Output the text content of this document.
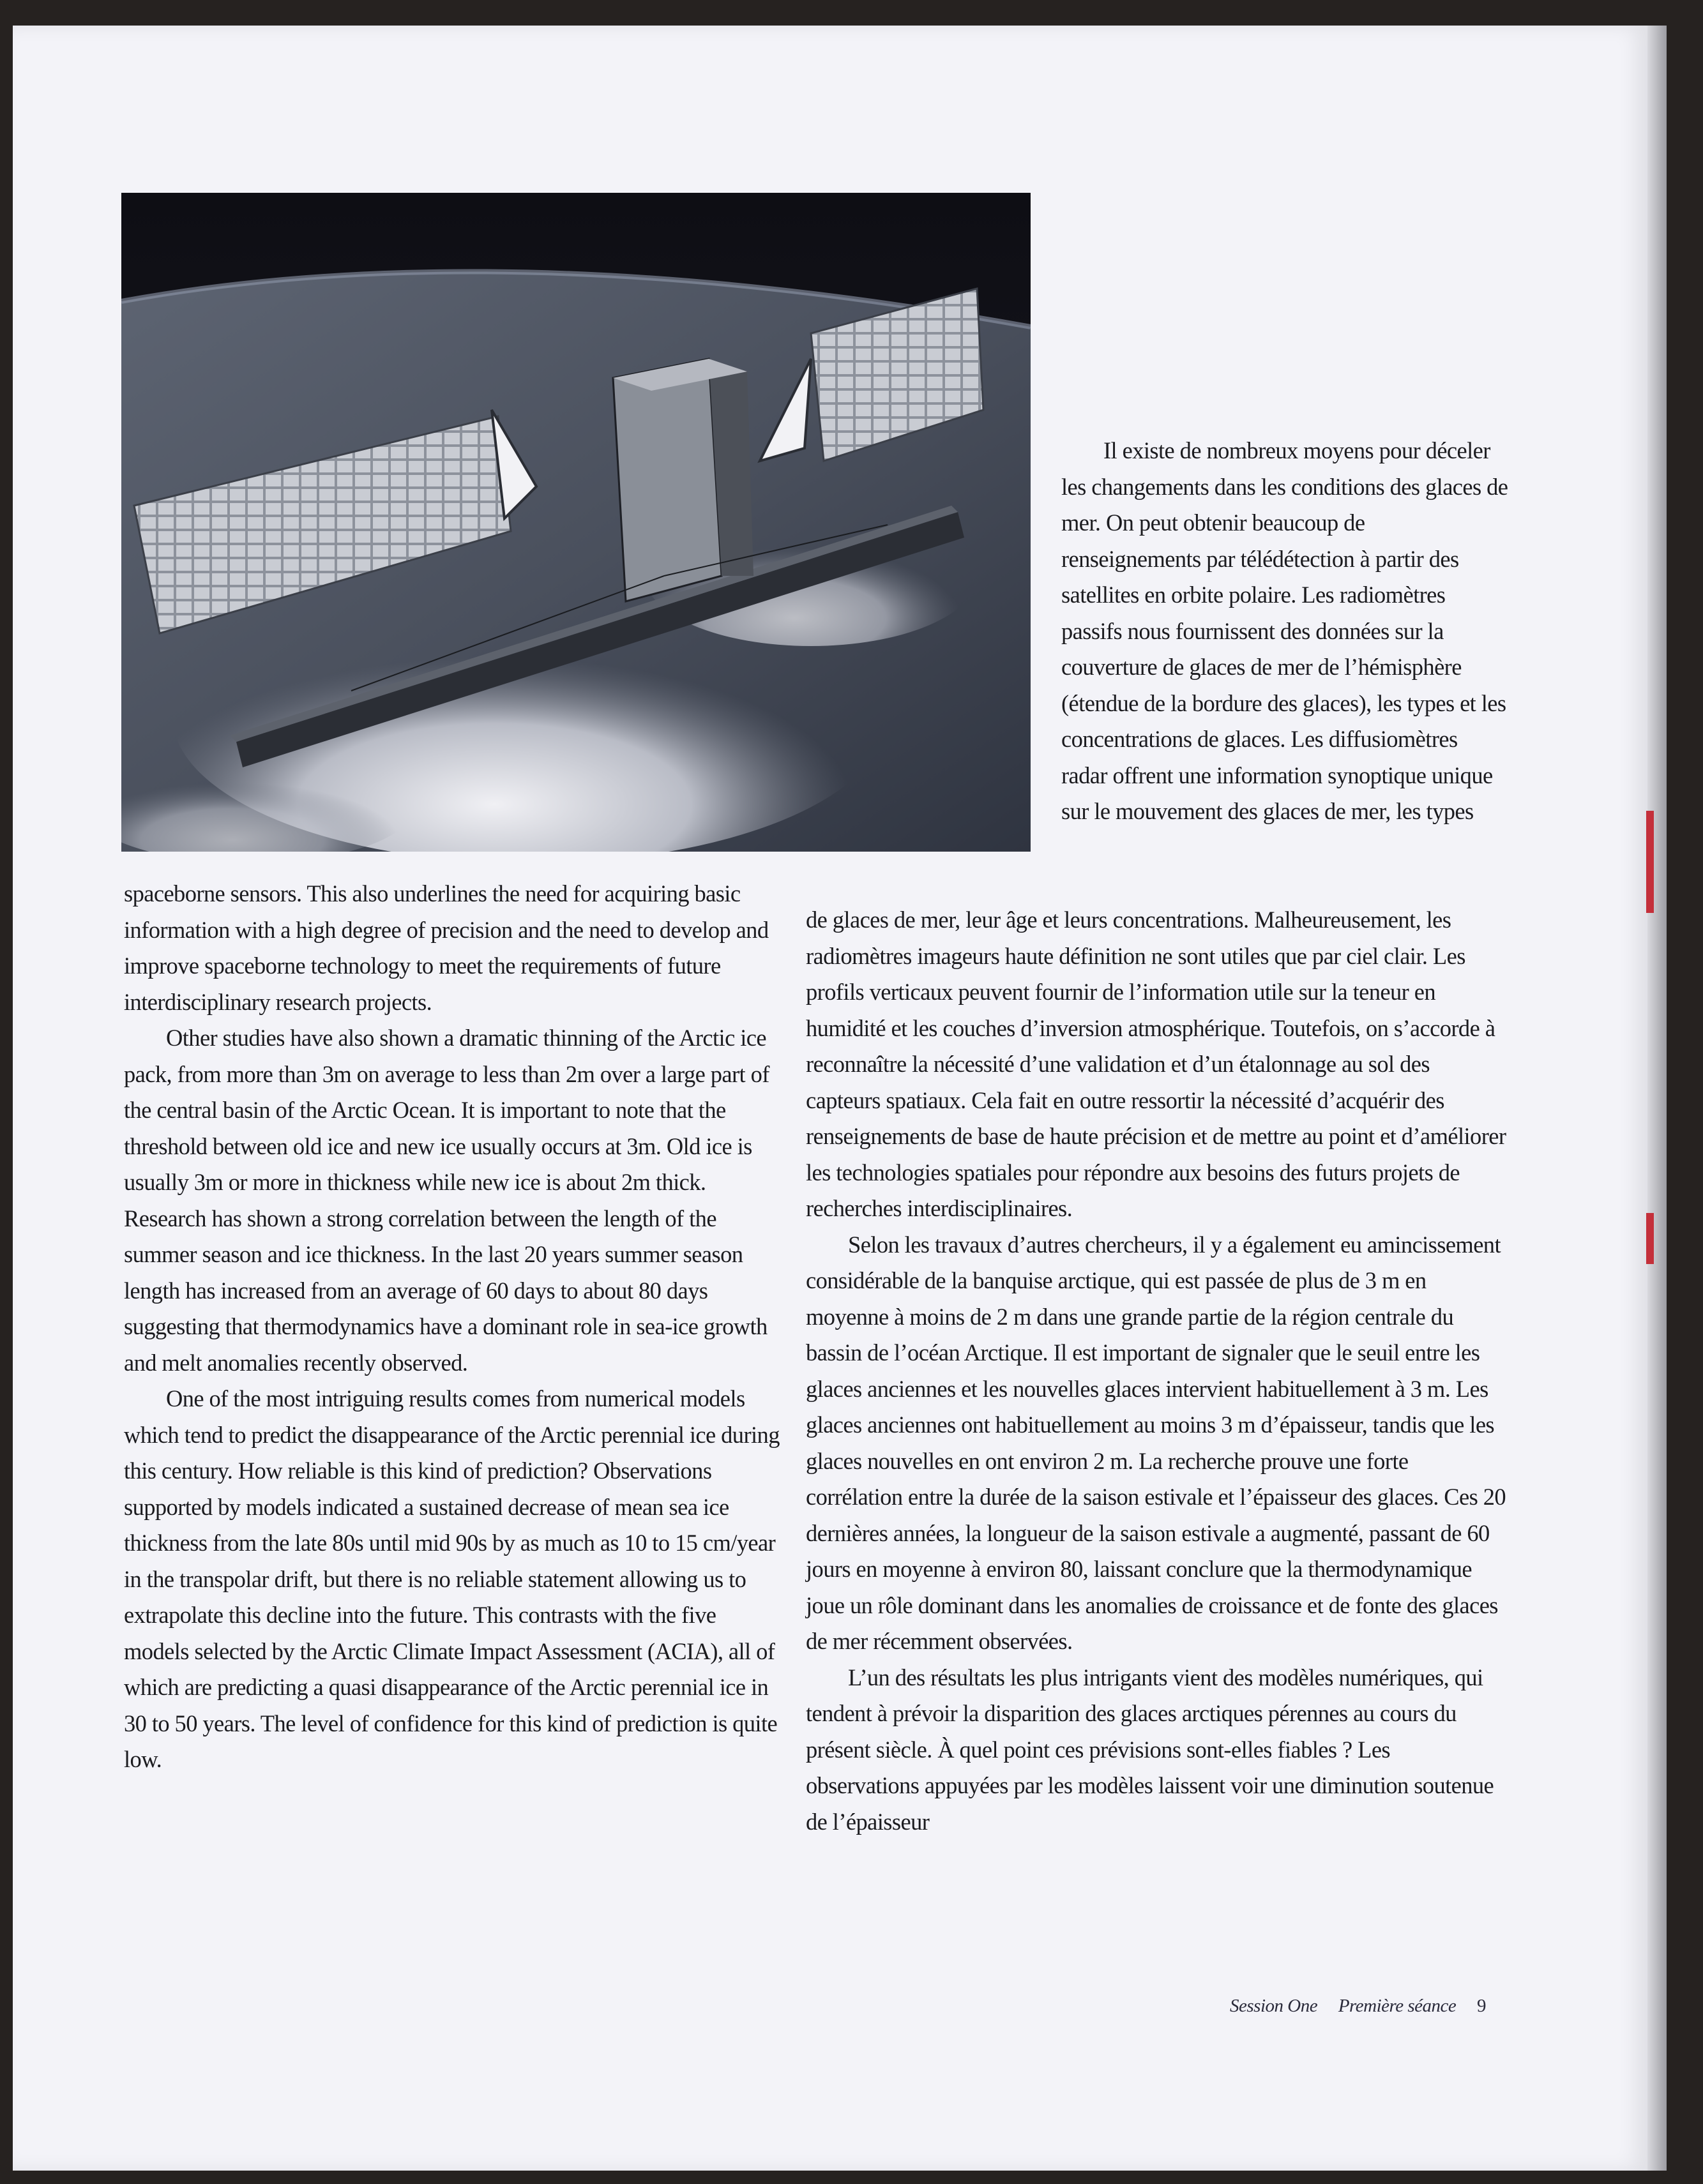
Il existe de nombreux moyens pour déceler les changements dans les conditions des glaces de mer. On peut obtenir beaucoup de renseignements par télédétection à partir des satellites en orbite polaire. Les radiomètres passifs nous fournissent des données sur la couverture de glaces de mer de l’hémisphère (étendue de la bordure des glaces), les types et les concentrations de glaces. Les diffusiomètres radar offrent une information synoptique unique sur le mouvement des glaces de mer, les types

spaceborne sensors. This also underlines the need for acquiring basic information with a high degree of precision and the need to develop and improve spaceborne technology to meet the requirements of future interdisciplinary research projects.

Other studies have also shown a dramatic thinning of the Arctic ice pack, from more than 3m on average to less than 2m over a large part of the central basin of the Arctic Ocean. It is important to note that the threshold between old ice and new ice usually occurs at 3m. Old ice is usually 3m or more in thickness while new ice is about 2m thick. Research has shown a strong correlation between the length of the summer season and ice thickness. In the last 20 years summer season length has increased from an average of 60 days to about 80 days suggesting that thermodynamics have a dominant role in sea-ice growth and melt anomalies recently observed.

One of the most intriguing results comes from numerical models which tend to predict the disappearance of the Arctic perennial ice during this century. How reliable is this kind of prediction? Observations supported by models indicated a sustained decrease of mean sea ice thickness from the late 80s until mid 90s by as much as 10 to 15 cm/year in the transpolar drift, but there is no reliable statement allowing us to extrapolate this decline into the future. This contrasts with the five models selected by the Arctic Climate Impact Assessment (ACIA), all of which are predicting a quasi disappearance of the Arctic perennial ice in 30 to 50 years. The level of confidence for this kind of prediction is quite low.

de glaces de mer, leur âge et leurs concentrations. Malheureusement, les radiomètres imageurs haute définition ne sont utiles que par ciel clair. Les profils verticaux peuvent fournir de l’information utile sur la teneur en humidité et les couches d’inversion atmosphérique. Toutefois, on s’accorde à reconnaître la nécessité d’une validation et d’un étalonnage au sol des capteurs spatiaux. Cela fait en outre ressortir la nécessité d’acquérir des renseignements de base de haute précision et de mettre au point et d’améliorer les technologies spatiales pour répondre aux besoins des futurs projets de recherches interdisciplinaires.

Selon les travaux d’autres chercheurs, il y a également eu amincissement considérable de la banquise arctique, qui est passée de plus de 3 m en moyenne à moins de 2 m dans une grande partie de la région centrale du bassin de l’océan Arctique. Il est important de signaler que le seuil entre les glaces anciennes et les nouvelles glaces intervient habituellement à 3 m. Les glaces anciennes ont habituellement au moins 3 m d’épaisseur, tandis que les glaces nouvelles en ont environ 2 m. La recherche prouve une forte corrélation entre la durée de la saison estivale et l’épaisseur des glaces. Ces 20 dernières années, la longueur de la saison estivale a augmenté, passant de 60 jours en moyenne à environ 80, laissant conclure que la thermodynamique joue un rôle dominant dans les anomalies de croissance et de fonte des glaces de mer récemment observées.

L’un des résultats les plus intrigants vient des modèles numériques, qui tendent à prévoir la disparition des glaces arctiques pérennes au cours du présent siècle. À quel point ces prévisions sont-elles fiables ? Les observations appuyées par les modèles laissent voir une diminution soutenue de l’épaisseur

Session One Première séance 9
